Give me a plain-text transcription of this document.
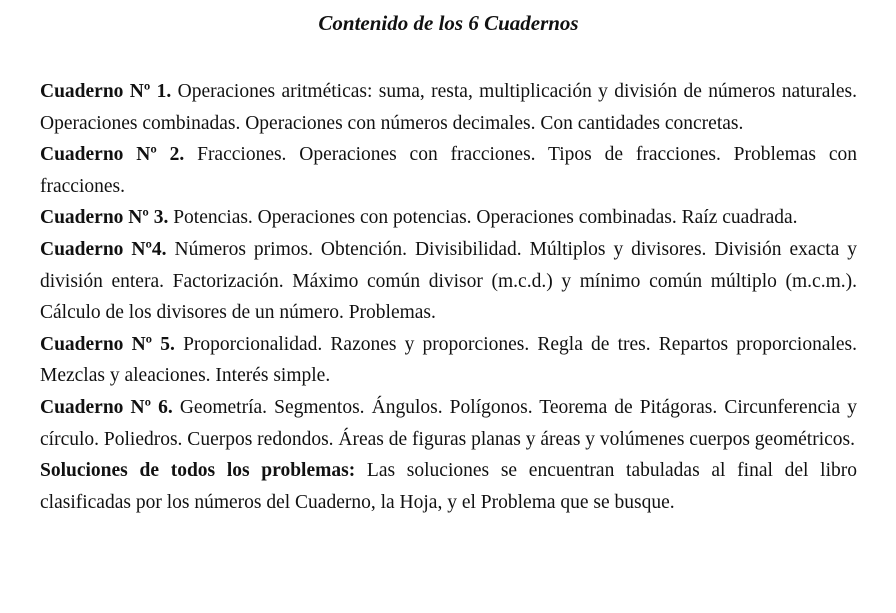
Contenido de los 6 Cuadernos

Cuaderno Nº 1. Operaciones aritméticas: suma, resta, multiplicación y división de números naturales. Operaciones combinadas. Operaciones con números decimales. Con cantidades concretas.

Cuaderno Nº 2. Fracciones. Operaciones con fracciones. Tipos de fracciones. Problemas con fracciones.

Cuaderno Nº 3. Potencias. Operaciones con potencias. Operaciones combinadas. Raíz cuadrada.

Cuaderno Nº4. Números primos. Obtención. Divisibilidad. Múltiplos y divisores. División exacta y división entera. Factorización. Máximo común divisor (m.c.d.) y mínimo común múltiplo (m.c.m.). Cálculo de los divisores de un número. Problemas.

Cuaderno Nº 5. Proporcionalidad. Razones y proporciones. Regla de tres. Repartos proporcionales. Mezclas y aleaciones. Interés simple.

Cuaderno Nº 6. Geometría. Segmentos. Ángulos. Polígonos. Teorema de Pitágoras. Circunferencia y círculo. Poliedros. Cuerpos redondos. Áreas de figuras planas y áreas y volúmenes cuerpos geométricos.

Soluciones de todos los problemas: Las soluciones se encuentran tabuladas al final del libro clasificadas por los números del Cuaderno, la Hoja, y el Problema que se busque.
